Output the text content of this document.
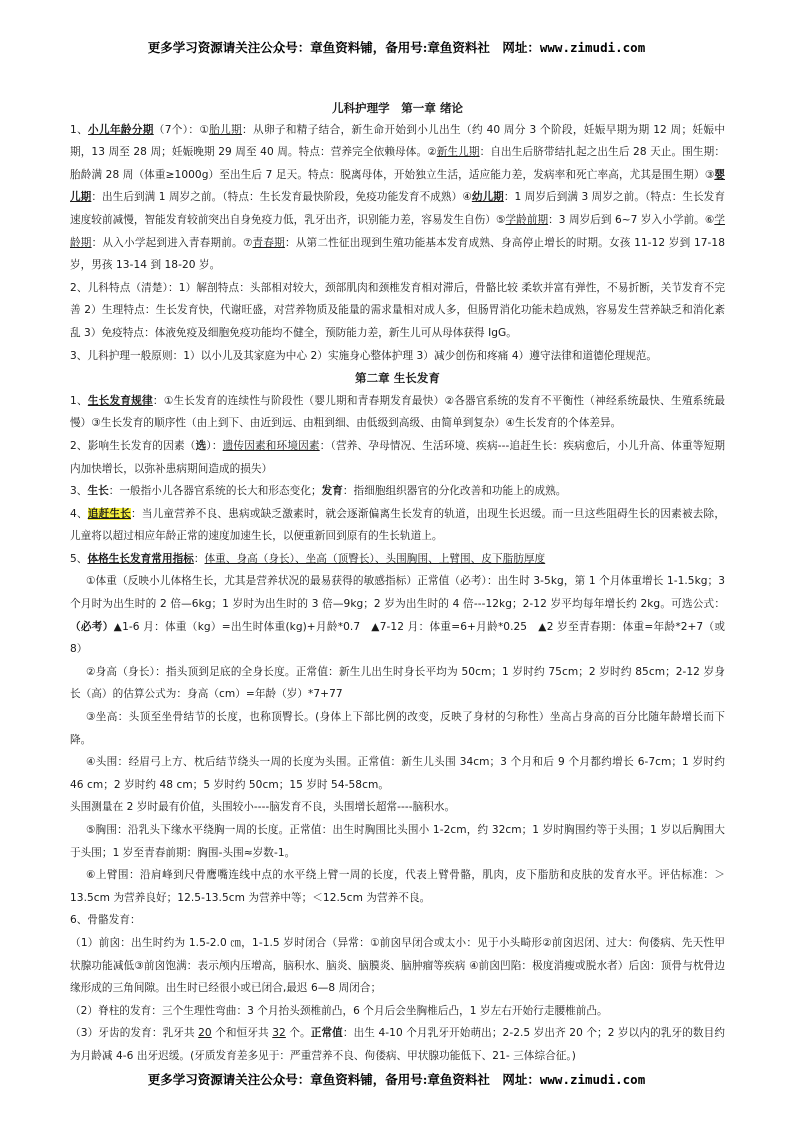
更多学习资源请关注公众号：章鱼资料铺，备用号:章鱼资料社　网址：www.zimudi.com

儿科护理学　第一章 绪论

1、小儿年龄分期（7个）：①胎儿期：从卵子和精子结合，新生命开始到小儿出生（约 40 周分 3 个阶段，妊娠早期为期 12 周；妊娠中期，13 周至 28 周；妊娠晚期 29 周至 40 周。特点：营养完全依赖母体。②新生儿期：自出生后脐带结扎起之出生后 28 天止。围生期：胎龄满 28 周（体重≥1000g）至出生后 7 足天。特点：脱离母体，开始独立生活，适应能力差，发病率和死亡率高，尤其是围生期）③婴儿期：出生后到满 1 周岁之前。（特点：生长发育最快阶段，免疫功能发育不成熟）④幼儿期：1 周岁后到满 3 周岁之前。（特点：生长发育速度较前减慢，智能发育较前突出自身免疫力低，乳牙出齐，识别能力差，容易发生自伤）⑤学龄前期：3 周岁后到 6~7 岁入小学前。⑥学龄期：从入小学起到进入青春期前。⑦青春期：从第二性征出现到生殖功能基本发育成熟、身高停止增长的时期。女孩 11-12 岁到 17-18 岁，男孩 13-14 到 18-20 岁。

2、儿科特点（清楚）：1）解剖特点：头部相对较大，颈部肌肉和颈椎发育相对滞后，骨骼比较 柔软并富有弹性，不易折断，关节发育不完善 2）生理特点：生长发育快，代谢旺盛，对营养物质及能量的需求量相对成人多，但肠胃消化功能未趋成熟，容易发生营养缺乏和消化紊乱 3）免疫特点：体液免疫及细胞免疫功能均不健全，预防能力差，新生儿可从母体获得 IgG。

3、儿科护理一般原则：1）以小儿及其家庭为中心 2）实施身心整体护理 3）减少创伤和疼痛 4）遵守法律和道德伦理规范。

第二章 生长发育

1、生长发育规律：①生长发育的连续性与阶段性（婴儿期和青春期发育最快）②各器官系统的发育不平衡性（神经系统最快、生殖系统最慢）③生长发育的顺序性（由上到下、由近到远、由粗到细、由低级到高级、由简单到复杂）④生长发育的个体差异。

2、影响生长发育的因素（选）：遗传因素和环境因素：（营养、孕母情况、生活环境、疾病---追赶生长：疾病愈后，小儿升高、体重等短期内加快增长，以弥补患病期间造成的损失）

3、生长：一般指小儿各器官系统的长大和形态变化；发育：指细胞组织器官的分化改善和功能上的成熟。

4、追赶生长：当儿童营养不良、患病或缺乏激素时，就会逐渐偏离生长发育的轨道，出现生长迟缓。而一旦这些阻碍生长的因素被去除，儿童将以超过相应年龄正常的速度加速生长，以便重新回到原有的生长轨道上。

5、体格生长发育常用指标：体重、身高（身长）、坐高（顶臀长）、头围胸围、上臂围、皮下脂肪厚度

①体重（反映小儿体格生长，尤其是营养状况的最易获得的敏感指标）正常值（必考）：出生时 3-5kg，第 1 个月体重增长 1-1.5kg；3 个月时为出生时的 2 倍—6kg；1 岁时为出生时的 3 倍—9kg；2 岁为出生时的 4 倍---12kg；2-12 岁平均每年增长约 2kg。可选公式：（必考）▲1-6 月：体重（kg）=出生时体重(kg)+月龄*0.7　▲7-12 月：体重=6+月龄*0.25　▲2 岁至青春期：体重=年龄*2+7（或 8）

②身高（身长）：指头顶到足底的全身长度。正常值：新生儿出生时身长平均为 50cm；1 岁时约 75cm；2 岁时约 85cm；2-12 岁身长（高）的估算公式为：身高（cm）=年龄（岁）*7+77

③坐高：头顶至坐骨结节的长度，也称顶臀长。(身体上下部比例的改变，反映了身材的匀称性）坐高占身高的百分比随年龄增长而下降。

④头围：经眉弓上方、枕后结节绕头一周的长度为头围。正常值：新生儿头围 34cm；3 个月和后 9 个月都约增长 6-7cm；1 岁时约 46 cm；2 岁时约 48 cm；5 岁时约 50cm；15 岁时 54-58cm。

头围测量在 2 岁时最有价值，头围较小----脑发育不良，头围增长超常----脑积水。

⑤胸围：沿乳头下缘水平绕胸一周的长度。正常值：出生时胸围比头围小 1-2cm，约 32cm；1 岁时胸围约等于头围；1 岁以后胸围大于头围；1 岁至青春前期：胸围-头围≈岁数-1。

⑥上臂围：沿肩峰到尺骨鹰嘴连线中点的水平绕上臂一周的长度，代表上臂骨骼，肌肉，皮下脂肪和皮肤的发育水平。评估标准：＞13.5cm 为营养良好；12.5-13.5cm 为营养中等；＜12.5cm 为营养不良。

6、骨骼发育：

（1）前囟：出生时约为 1.5-2.0 ㎝，1-1.5 岁时闭合（异常：①前囟早闭合或太小：见于小头畸形②前囟迟闭、过大：佝偻病、先天性甲状腺功能减低③前囟饱满：表示颅内压增高，脑积水、脑炎、脑膜炎、脑肿瘤等疾病 ④前囟凹陷：极度消瘦或脱水者）后囟：顶骨与枕骨边缘形成的三角间隙。出生时已经很小或已闭合,最迟 6—8 周闭合；

（2）脊柱的发育：三个生理性弯曲：3 个月抬头颈椎前凸，6 个月后会坐胸椎后凸，1 岁左右开始行走腰椎前凸。

（3）牙齿的发育：乳牙共 20 个和恒牙共 32 个。正常值：出生 4-10 个月乳牙开始萌出；2-2.5 岁出齐 20 个；2 岁以内的乳牙的数目约为月龄减 4-6 出牙迟缓。(牙质发育差多见于：严重营养不良、佝偻病、甲状腺功能低下、21- 三体综合征。)

更多学习资源请关注公众号：章鱼资料铺，备用号:章鱼资料社　网址：www.zimudi.com
